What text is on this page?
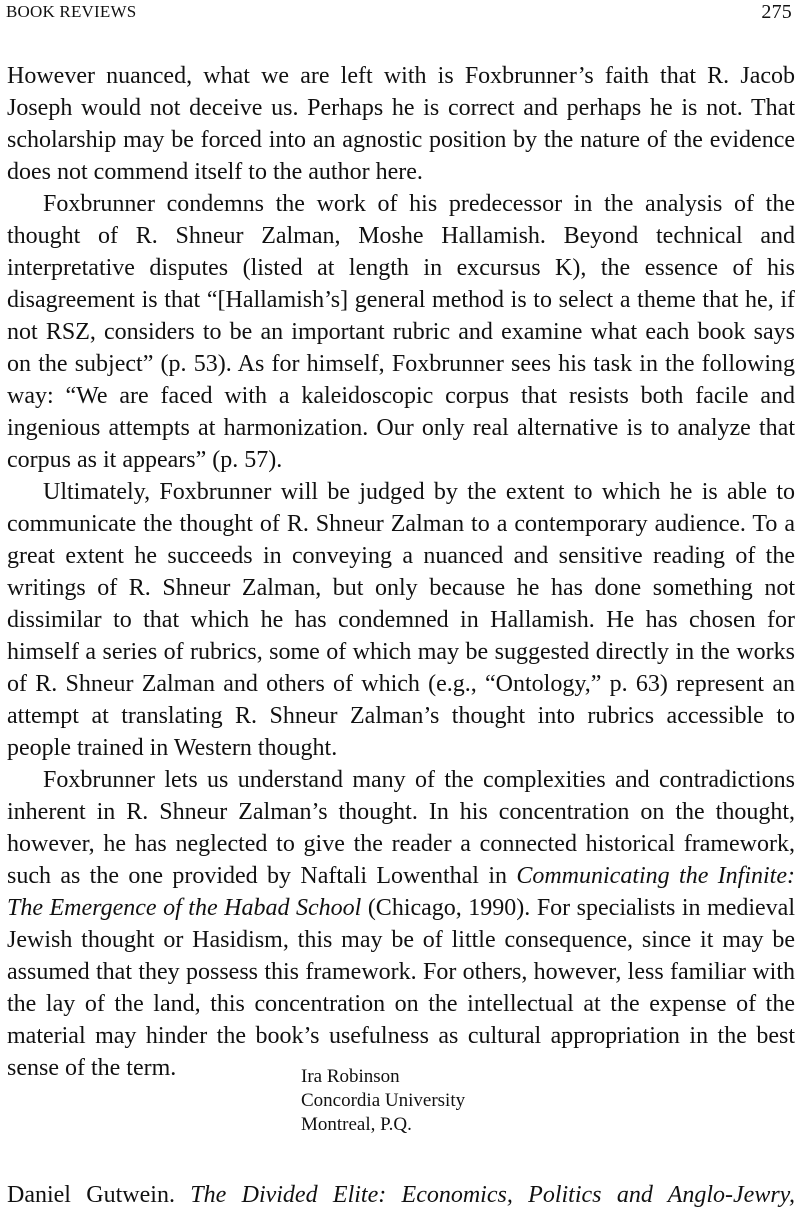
BOOK REVIEWS	275

However nuanced, what we are left with is Foxbrunner’s faith that R. Jacob Joseph would not deceive us. Perhaps he is correct and perhaps he is not. That scholarship may be forced into an agnostic position by the nature of the evidence does not commend itself to the author here.

Foxbrunner condemns the work of his predecessor in the analysis of the thought of R. Shneur Zalman, Moshe Hallamish. Beyond technical and interpretative disputes (listed at length in excursus K), the essence of his disagreement is that “[Hallamish’s] general method is to select a theme that he, if not RSZ, considers to be an important rubric and examine what each book says on the subject” (p. 53). As for himself, Foxbrunner sees his task in the following way: “We are faced with a kaleidoscopic corpus that resists both facile and ingenious attempts at harmonization. Our only real alternative is to analyze that corpus as it appears” (p. 57).

Ultimately, Foxbrunner will be judged by the extent to which he is able to communicate the thought of R. Shneur Zalman to a contemporary audience. To a great extent he succeeds in conveying a nuanced and sensitive reading of the writings of R. Shneur Zalman, but only because he has done something not dissimilar to that which he has condemned in Hallamish. He has chosen for himself a series of rubrics, some of which may be suggested directly in the works of R. Shneur Zalman and others of which (e.g., “Ontology,” p. 63) represent an attempt at translating R. Shneur Zalman’s thought into rubrics accessible to people trained in Western thought.

Foxbrunner lets us understand many of the complexities and contradictions inherent in R. Shneur Zalman’s thought. In his concentration on the thought, however, he has neglected to give the reader a connected historical framework, such as the one provided by Naftali Lowenthal in Communicating the Infinite: The Emergence of the Habad School (Chicago, 1990). For specialists in medieval Jewish thought or Hasidism, this may be of little consequence, since it may be assumed that they possess this framework. For others, however, less familiar with the lay of the land, this concentration on the intellectual at the expense of the material may hinder the book’s usefulness as cultural appropriation in the best sense of the term.	Ira Robinson
Concordia University
Montreal, P.Q.
Daniel Gutwein. The Divided Elite: Economics, Politics and Anglo-Jewry,
